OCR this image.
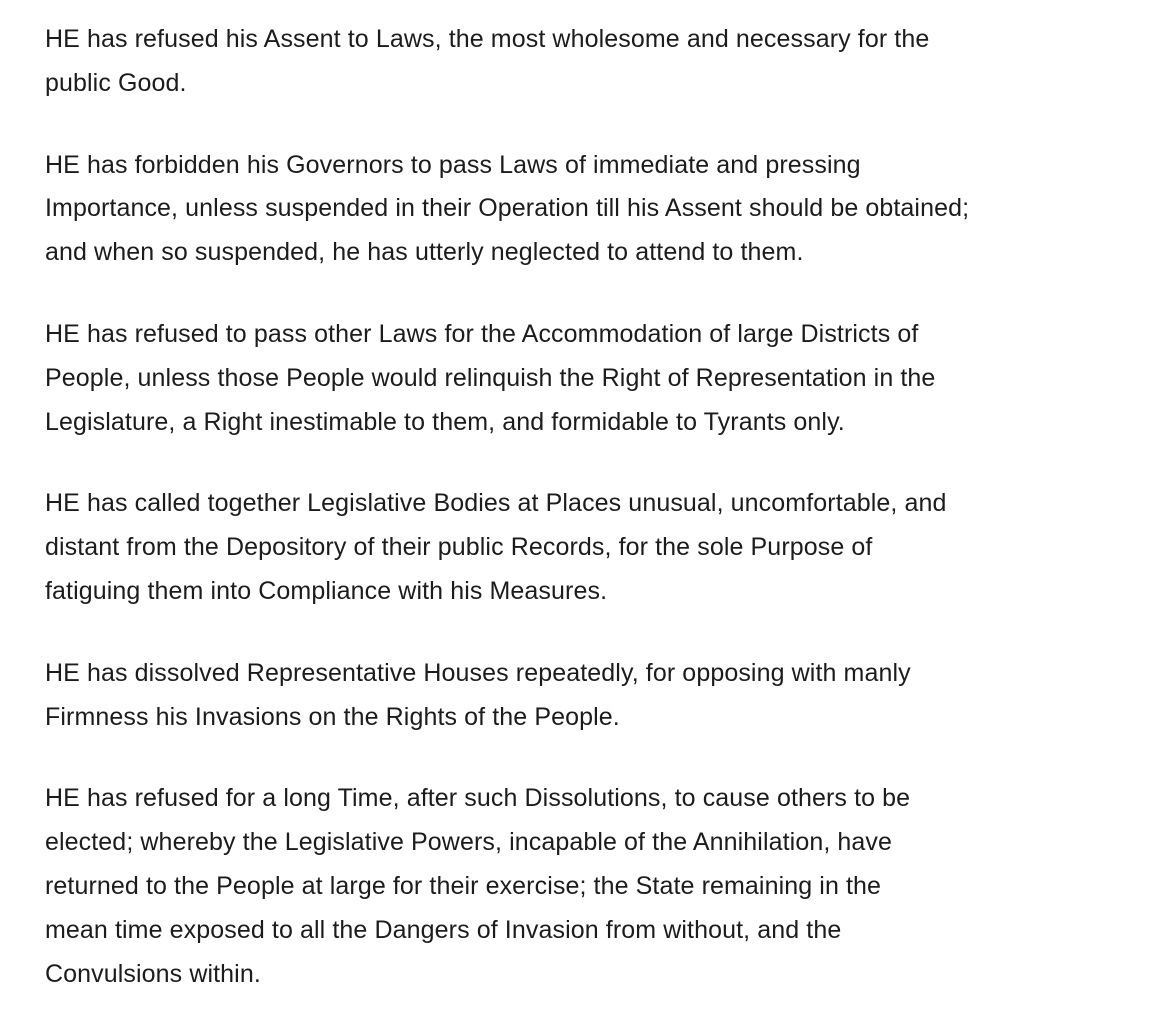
HE has refused his Assent to Laws, the most wholesome and necessary for the
public Good.

HE has forbidden his Governors to pass Laws of immediate and pressing
Importance, unless suspended in their Operation till his Assent should be obtained;
and when so suspended, he has utterly neglected to attend to them.

HE has refused to pass other Laws for the Accommodation of large Districts of
People, unless those People would relinquish the Right of Representation in the
Legislature, a Right inestimable to them, and formidable to Tyrants only.

HE has called together Legislative Bodies at Places unusual, uncomfortable, and
distant from the Depository of their public Records, for the sole Purpose of
fatiguing them into Compliance with his Measures.

HE has dissolved Representative Houses repeatedly, for opposing with manly
Firmness his Invasions on the Rights of the People.

HE has refused for a long Time, after such Dissolutions, to cause others to be
elected; whereby the Legislative Powers, incapable of the Annihilation, have
returned to the People at large for their exercise; the State remaining in the
mean time exposed to all the Dangers of Invasion from without, and the
Convulsions within.
